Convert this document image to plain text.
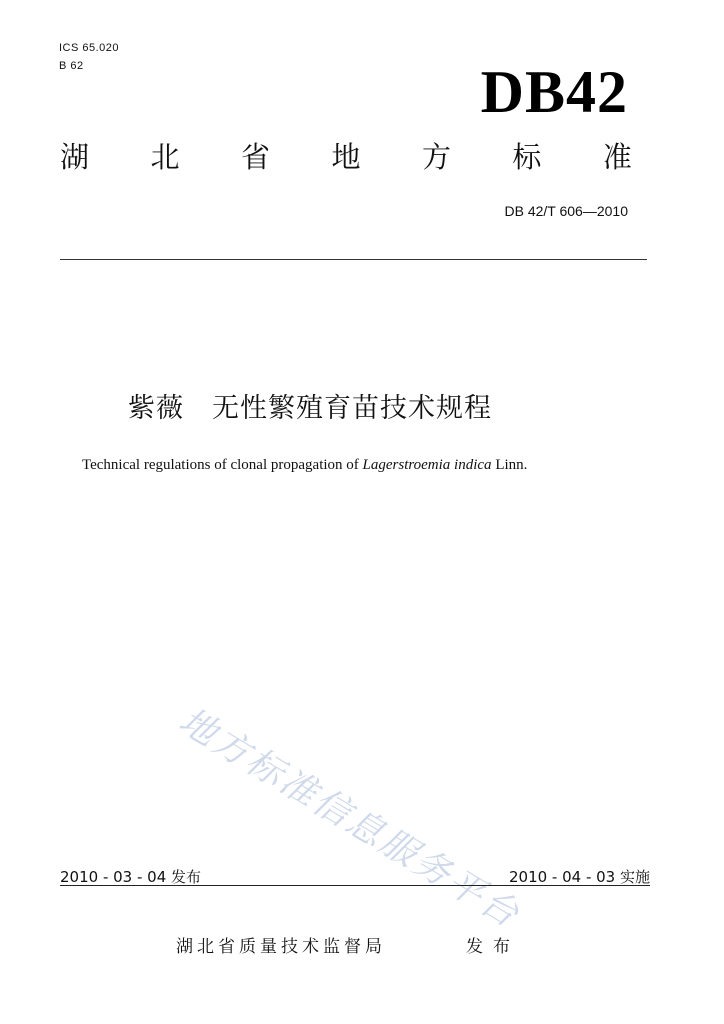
ICS 65.020
B 62	DB42
湖 北 省 地 方 标 准
DB 42/T 606—2010
紫薇 无性繁殖育苗技术规程
Technical regulations of clonal propagation of Lagerstroemia indica Linn.
地方标准信息服务平台
2010 - 03 - 04 发布	2010 - 04 - 03 实施
湖北省质量技术监督局	发布
